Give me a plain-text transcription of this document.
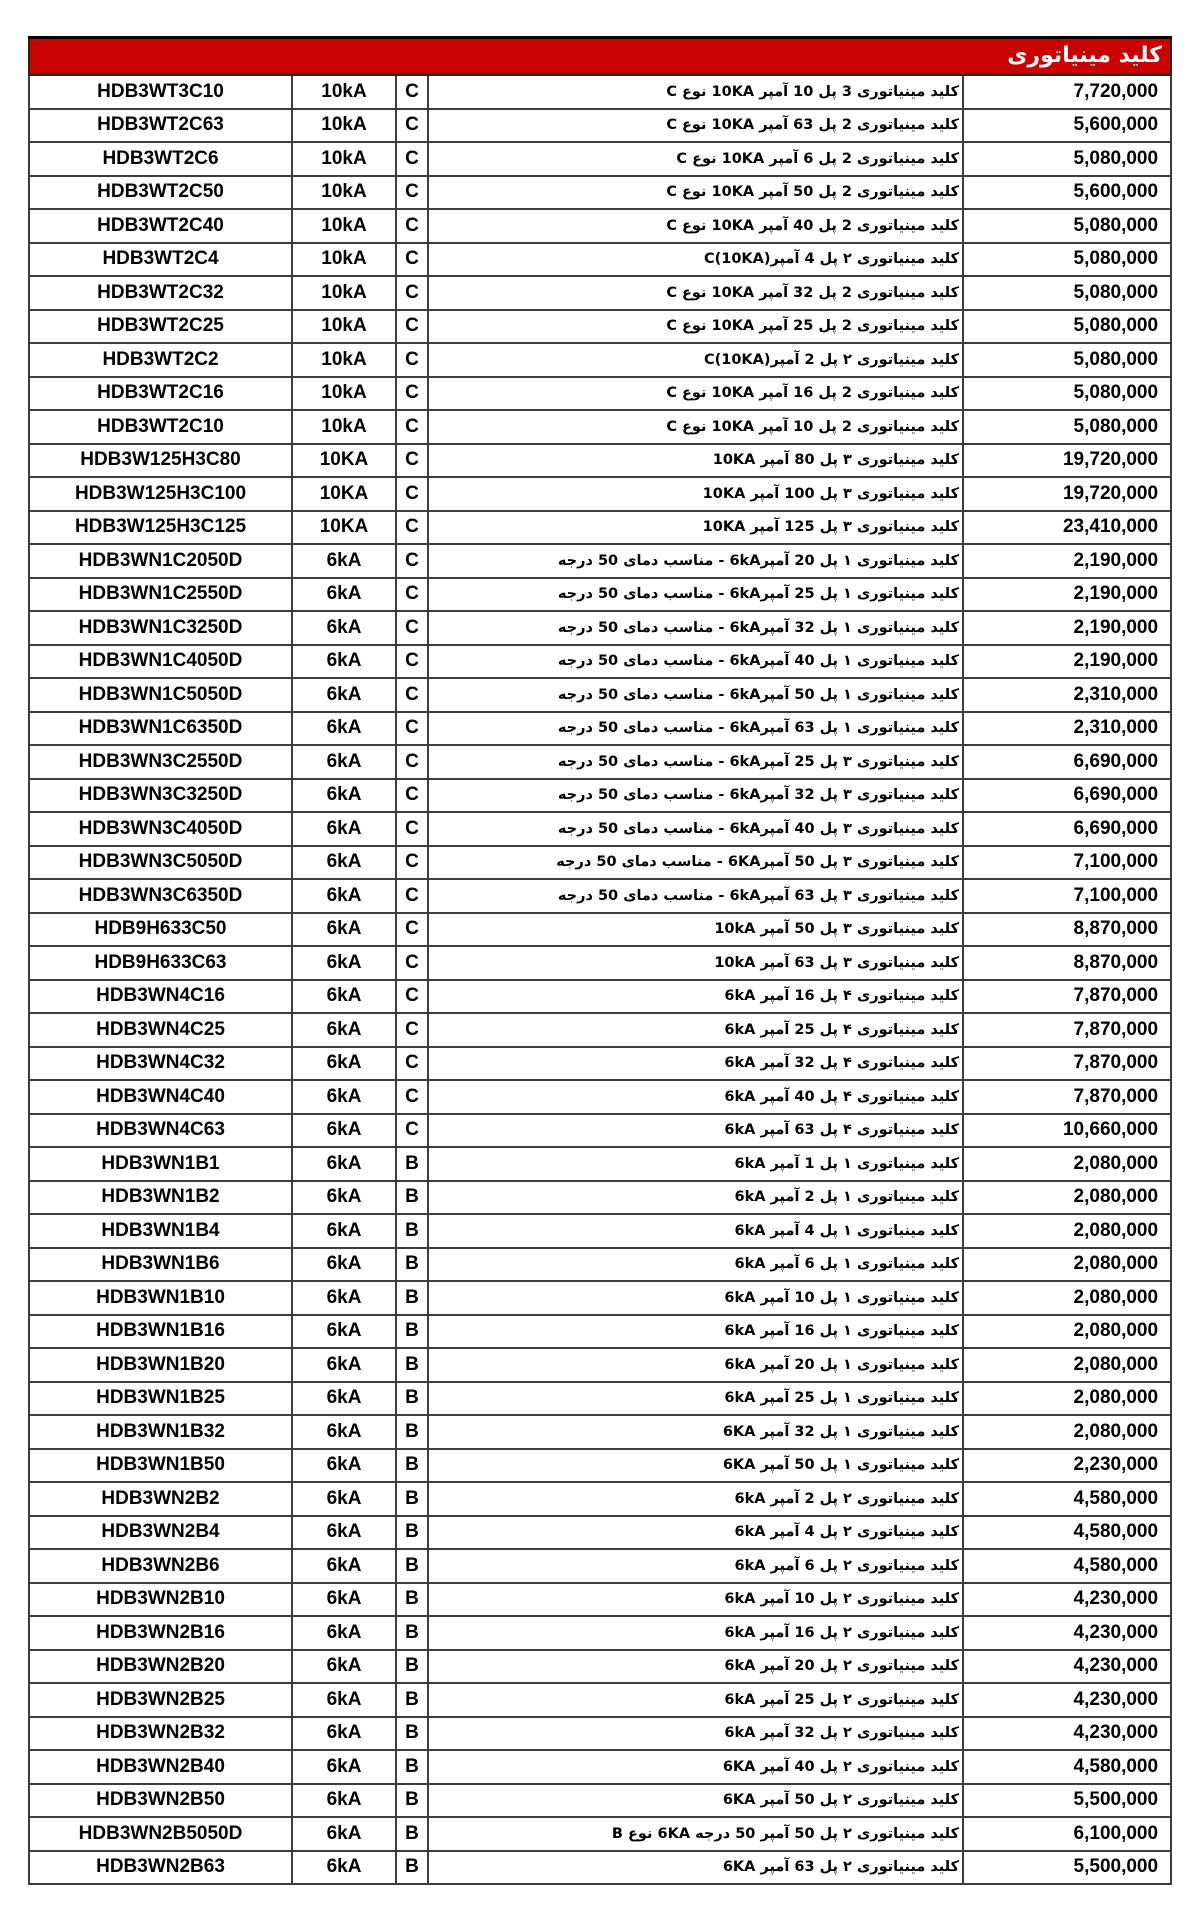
کلید مینیاتوری				
HDB3WT3C10	10kA	C	کلید مینیاتوری 3 پل 10 آمپر 10KA نوع C	7,720,000
HDB3WT2C63	10kA	C	کلید مینیاتوری 2 پل 63 آمپر 10KA نوع C	5,600,000
HDB3WT2C6	10kA	C	کلید مینیاتوری 2 پل 6 آمپر 10KA نوع C	5,080,000
HDB3WT2C50	10kA	C	کلید مینیاتوری 2 پل 50 آمپر 10KA نوع C	5,600,000
HDB3WT2C40	10kA	C	کلید مینیاتوری 2 پل 40 آمپر 10KA نوع C	5,080,000
HDB3WT2C4	10kA	C	کلید مینیاتوری ۲ پل 4 آمپرC(10KA)	5,080,000
HDB3WT2C32	10kA	C	کلید مینیاتوری 2 پل 32 آمپر 10KA نوع C	5,080,000
HDB3WT2C25	10kA	C	کلید مینیاتوری 2 پل 25 آمپر 10KA نوع C	5,080,000
HDB3WT2C2	10kA	C	کلید مینیاتوری ۲ پل 2 آمپرC(10KA)	5,080,000
HDB3WT2C16	10kA	C	کلید مینیاتوری 2 پل 16 آمپر 10KA نوع C	5,080,000
HDB3WT2C10	10kA	C	کلید مینیاتوری 2 پل 10 آمپر 10KA نوع C	5,080,000
HDB3W125H3C80	10KA	C	کلید مینیاتوری ۳ پل 80 آمپر 10KA	19,720,000
HDB3W125H3C100	10KA	C	کلید مینیاتوری ۳ پل 100 آمپر 10KA	19,720,000
HDB3W125H3C125	10KA	C	کلید مینیاتوری ۳ پل 125 آمپر 10KA	23,410,000
HDB3WN1C2050D	6kA	C	کلید مینیاتوری ۱ پل 20 آمپر6kA - مناسب دمای 50 درجه	2,190,000
HDB3WN1C2550D	6kA	C	کلید مینیاتوری ۱ پل 25 آمپر6kA - مناسب دمای 50 درجه	2,190,000
HDB3WN1C3250D	6kA	C	کلید مینیاتوری ۱ پل 32 آمپر6kA - مناسب دمای 50 درجه	2,190,000
HDB3WN1C4050D	6kA	C	کلید مینیاتوری ۱ پل 40 آمپر6kA - مناسب دمای 50 درجه	2,190,000
HDB3WN1C5050D	6kA	C	کلید مینیاتوری ۱ پل 50 آمپر6kA - مناسب دمای 50 درجه	2,310,000
HDB3WN1C6350D	6kA	C	کلید مینیاتوری ۱ پل 63 آمپر6kA - مناسب دمای 50 درجه	2,310,000
HDB3WN3C2550D	6kA	C	کلید مینیاتوری ۳ پل 25 آمپر6kA - مناسب دمای 50 درجه	6,690,000
HDB3WN3C3250D	6kA	C	کلید مینیاتوری ۳ پل 32 آمپر6kA - مناسب دمای 50 درجه	6,690,000
HDB3WN3C4050D	6kA	C	کلید مینیاتوری ۳ پل 40 آمپر6kA - مناسب دمای 50 درجه	6,690,000
HDB3WN3C5050D	6kA	C	کلید مینیاتوری ۳ پل 50 آمپر6KA - مناسب دمای 50 درجه	7,100,000
HDB3WN3C6350D	6kA	C	کلید مینیاتوری ۳ پل 63 آمپر6kA - مناسب دمای 50 درجه	7,100,000
HDB9H633C50	6kA	C	کلید مینیاتوری ۳ پل 50 آمپر 10kA	8,870,000
HDB9H633C63	6kA	C	کلید مینیاتوری ۳ پل 63 آمپر 10kA	8,870,000
HDB3WN4C16	6kA	C	کلید مینیاتوری ۴ پل 16 آمپر 6kA	7,870,000
HDB3WN4C25	6kA	C	کلید مینیاتوری ۴ پل 25 آمپر 6kA	7,870,000
HDB3WN4C32	6kA	C	کلید مینیاتوری ۴ پل 32 آمپر 6kA	7,870,000
HDB3WN4C40	6kA	C	کلید مینیاتوری ۴ پل 40 آمپر 6kA	7,870,000
HDB3WN4C63	6kA	C	کلید مینیاتوری ۴ پل 63 آمپر 6kA	10,660,000
HDB3WN1B1	6kA	B	کلید مینیاتوری ۱ پل 1 آمپر 6kA	2,080,000
HDB3WN1B2	6kA	B	کلید مینیاتوری ۱ پل 2 آمپر 6kA	2,080,000
HDB3WN1B4	6kA	B	کلید مینیاتوری ۱ پل 4 آمپر 6kA	2,080,000
HDB3WN1B6	6kA	B	کلید مینیاتوری ۱ پل 6 آمپر 6kA	2,080,000
HDB3WN1B10	6kA	B	کلید مینیاتوری ۱ پل 10 آمپر 6kA	2,080,000
HDB3WN1B16	6kA	B	کلید مینیاتوری ۱ پل 16 آمپر 6kA	2,080,000
HDB3WN1B20	6kA	B	کلید مینیاتوری ۱ پل 20 آمپر 6kA	2,080,000
HDB3WN1B25	6kA	B	کلید مینیاتوری ۱ پل 25 آمپر 6kA	2,080,000
HDB3WN1B32	6kA	B	کلید مینیاتوری ۱ پل 32 آمپر 6KA	2,080,000
HDB3WN1B50	6kA	B	کلید مینیاتوری ۱ پل 50 آمپر 6KA	2,230,000
HDB3WN2B2	6kA	B	کلید مینیاتوری ۲ پل 2 آمپر 6kA	4,580,000
HDB3WN2B4	6kA	B	کلید مینیاتوری ۲ پل 4 آمپر 6kA	4,580,000
HDB3WN2B6	6kA	B	کلید مینیاتوری ۲ پل 6 آمپر 6kA	4,580,000
HDB3WN2B10	6kA	B	کلید مینیاتوری ۲ پل 10 آمپر 6kA	4,230,000
HDB3WN2B16	6kA	B	کلید مینیاتوری ۲ پل 16 آمپر 6kA	4,230,000
HDB3WN2B20	6kA	B	کلید مینیاتوری ۲ پل 20 آمپر 6kA	4,230,000
HDB3WN2B25	6kA	B	کلید مینیاتوری ۲ پل 25 آمپر 6kA	4,230,000
HDB3WN2B32	6kA	B	کلید مینیاتوری ۲ پل 32 آمپر 6kA	4,230,000
HDB3WN2B40	6kA	B	کلید مینیاتوری ۲ پل 40 آمپر 6KA	4,580,000
HDB3WN2B50	6kA	B	کلید مینیاتوری ۲ پل 50 آمپر 6KA	5,500,000
HDB3WN2B5050D	6kA	B	کلید مینیاتوری ۲ پل 50 آمپر 50 درجه 6KA نوع B	6,100,000
HDB3WN2B63	6kA	B	کلید مینیاتوری ۲ پل 63 آمپر 6KA	5,500,000
